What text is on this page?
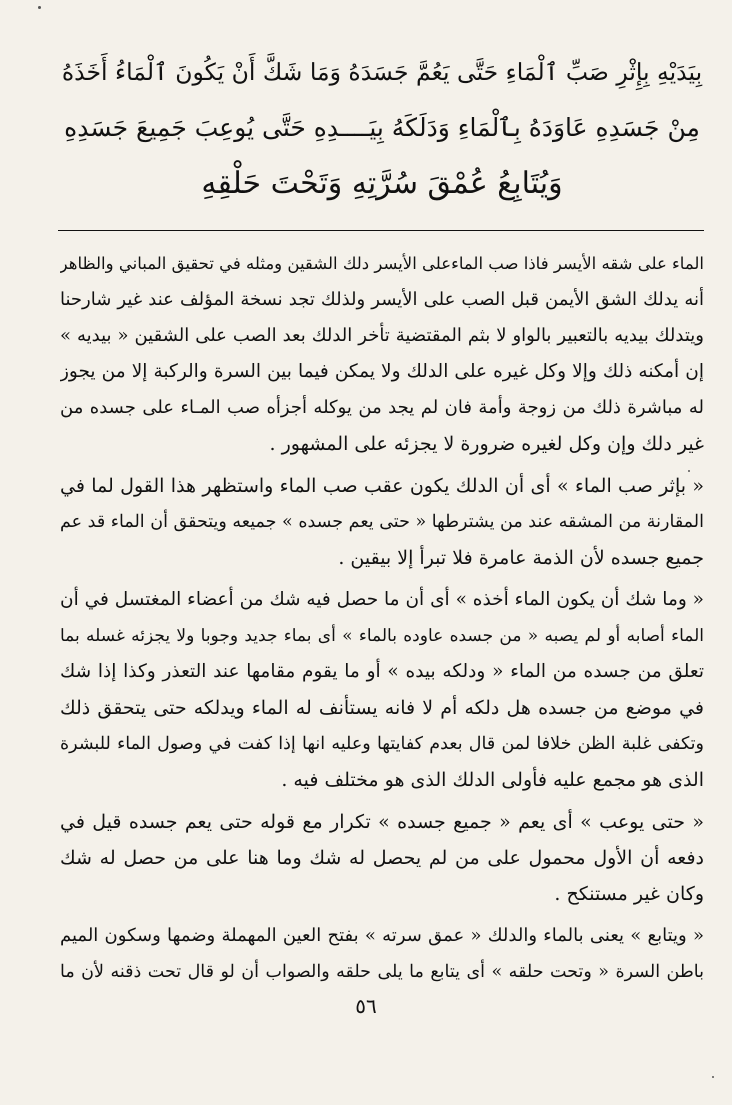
بِيَدَيْهِ بِإِثْرِ صَبِّ ٱلْمَاءِ حَتَّى يَعُمَّ جَسَدَهُ وَمَا شَكَّ أَنْ يَكُونَ ٱلْمَاءُ أَخَذَهُ
مِنْ جَسَدِهِ عَاوَدَهُ بِٱلْمَاءِ وَدَلَكَهُ بِيَــــدِهِ حَتَّى يُوعِبَ جَمِيعَ جَسَدِهِ
وَيُتَابِعُ عُمْقَ سُرَّتِهِ وَتَحْتَ حَلْقِهِ
الماء على شقه الأيسر فاذا صب الماءعلى الأيسر دلك الشقين ومثله في تحقيق المباني والظاهر
أنه يدلك الشق الأيمن قبل الصب على الأيسر ولذلك تجد نسخة المؤلف عند غير شارحنا
ويتدلك بيديه بالتعبير بالواو لا بثم المقتضية تأخر الدلك بعد الصب على الشقين « بيديه »
إن أمكنه ذلك وإلا وكل غيره على الدلك ولا يمكن فيما بين السرة والركبة إلا من يجوز
له مباشرة ذلك من زوجة وأمة فان لم يجد من يوكله أجزأه صب المـاء على جسده من
غير دلك وإن وكل لغيره ضرورة لا يجزئه على المشهور .
« بإثر صب الماء » أى أن الدلك يكون عقب صب الماء واستظهر هذا القول لما في
المقارنة من المشقه عند من يشترطها « حتى يعم جسده » جميعه ويتحقق أن الماء قد عم
جميع جسده لأن الذمة عامرة فلا تبرأ إلا بيقين .
« وما شك أن يكون الماء أخذه » أى أن ما حصل فيه شك من أعضاء المغتسل في أن
الماء أصابه أو لم يصبه « من جسده عاوده بالماء » أى بماء جديد وجوبا ولا يجزئه غسله بما
تعلق من جسده من الماء « ودلكه بيده » أو ما يقوم مقامها عند التعذر وكذا إذا شك
في موضع من جسده هل دلكه أم لا فانه يستأنف له الماء ويدلكه حتى يتحقق ذلك
وتكفى غلبة الظن خلافا لمن قال بعدم كفايتها وعليه انها إذا كفت في وصول الماء للبشرة
الذى هو مجمع عليه فأولى الدلك الذى هو مختلف فيه .
« حتى يوعب » أى يعم « جميع جسده » تكرار مع قوله حتى يعم جسده قيل في
دفعه أن الأول محمول على من لم يحصل له شك وما هنا على من حصل له شك
وكان غير مستنكح .
« ويتابع » يعنى بالماء والدلك « عمق سرته » بفتح العين المهملة وضمها وسكون الميم
باطن السرة « وتحت حلقه » أى يتابع ما يلى حلقه والصواب أن لو قال تحت ذقنه لأن ما
٥٦
